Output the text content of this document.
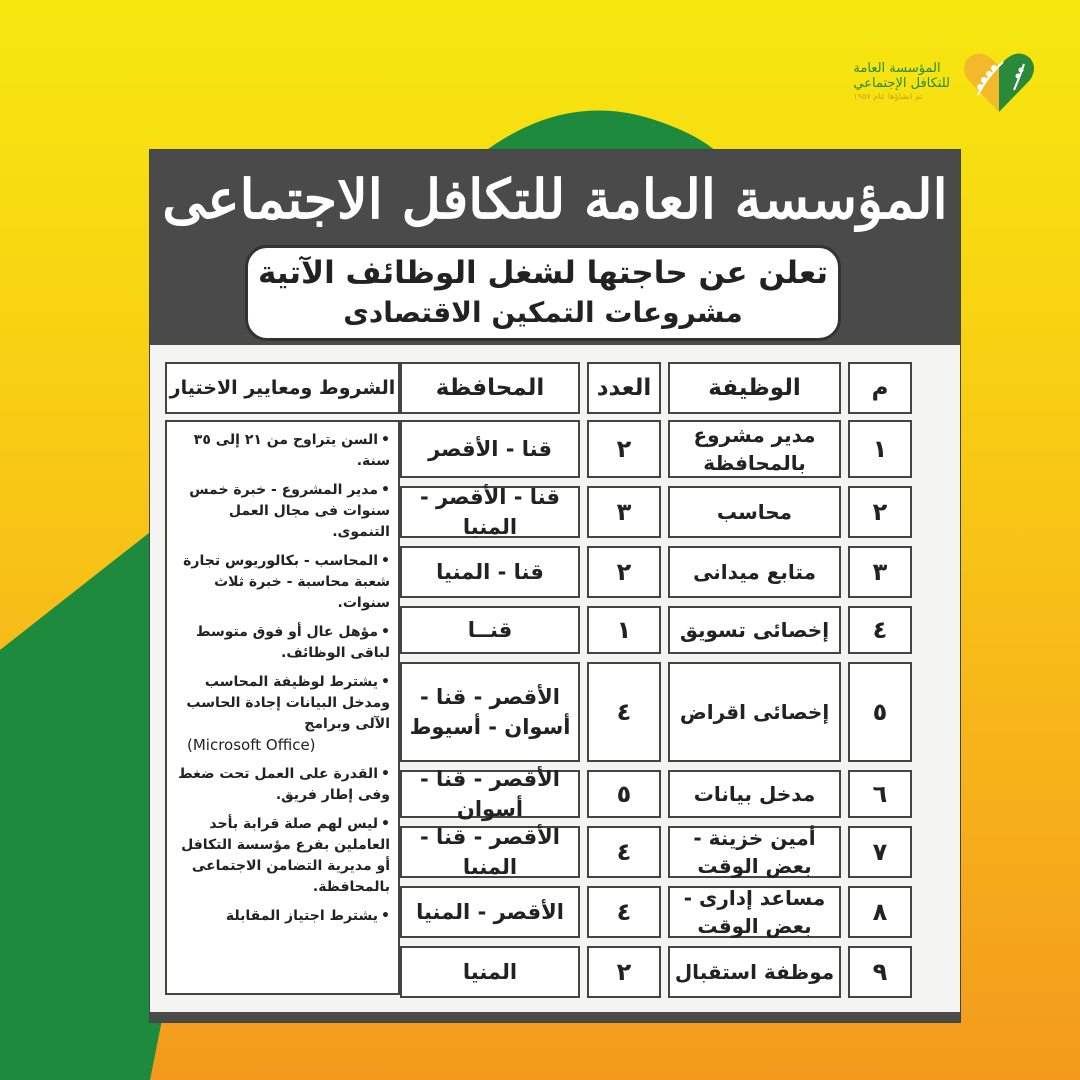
المؤسسة العامة
للتكافل الإجتماعي
تم انشاؤها عام ١٩٥٧
المؤسسة العامة للتكافل الاجتماعى
تعلن عن حاجتها لشغل الوظائف الآتية
مشروعات التمكين الاقتصادى
م
الوظيفة
العدد
المحافظة
الشروط ومعايير الاختيار
١
مدير مشروع بالمحافظة
٢
قنا - الأقصر
٢
محاسب
٣
قنا - الأقصر - المنيا
٣
متابع ميدانى
٢
قنا - المنيا
٤
إخصائى تسويق
١
قنــا
٥
إخصائى اقراض
٤
الأقصر - قنا - أسوان - أسيوط
٦
مدخل بيانات
٥
الأقصر - قنا - أسوان
٧
أمين خزينة - بعض الوقت
٤
الأقصر - قنا - المنيا
٨
مساعد إدارى - بعض الوقت
٤
الأقصر - المنيا
٩
موظفة استقبال
٢
المنيا
•السن يتراوح من ٢١ إلى ٣٥ سنة.
•مدير المشروع - خبرة خمس سنوات فى مجال العمل التنموى.
•المحاسب - بكالوريوس تجارة شعبة محاسبة - خبرة ثلاث سنوات.
•مؤهل عال أو فوق متوسط لباقى الوظائف.
•يشترط لوظيفة المحاسب ومدخل البيانات إجادة الحاسب الآلى وبرامج
(Microsoft Office)
•القدرة على العمل تحت ضغط وفى إطار فريق.
•ليس لهم صلة قرابة بأحد العاملين بفرع مؤسسة التكافل أو مديرية التضامن الاجتماعى بالمحافظة.
•يشترط اجتياز المقابلة
